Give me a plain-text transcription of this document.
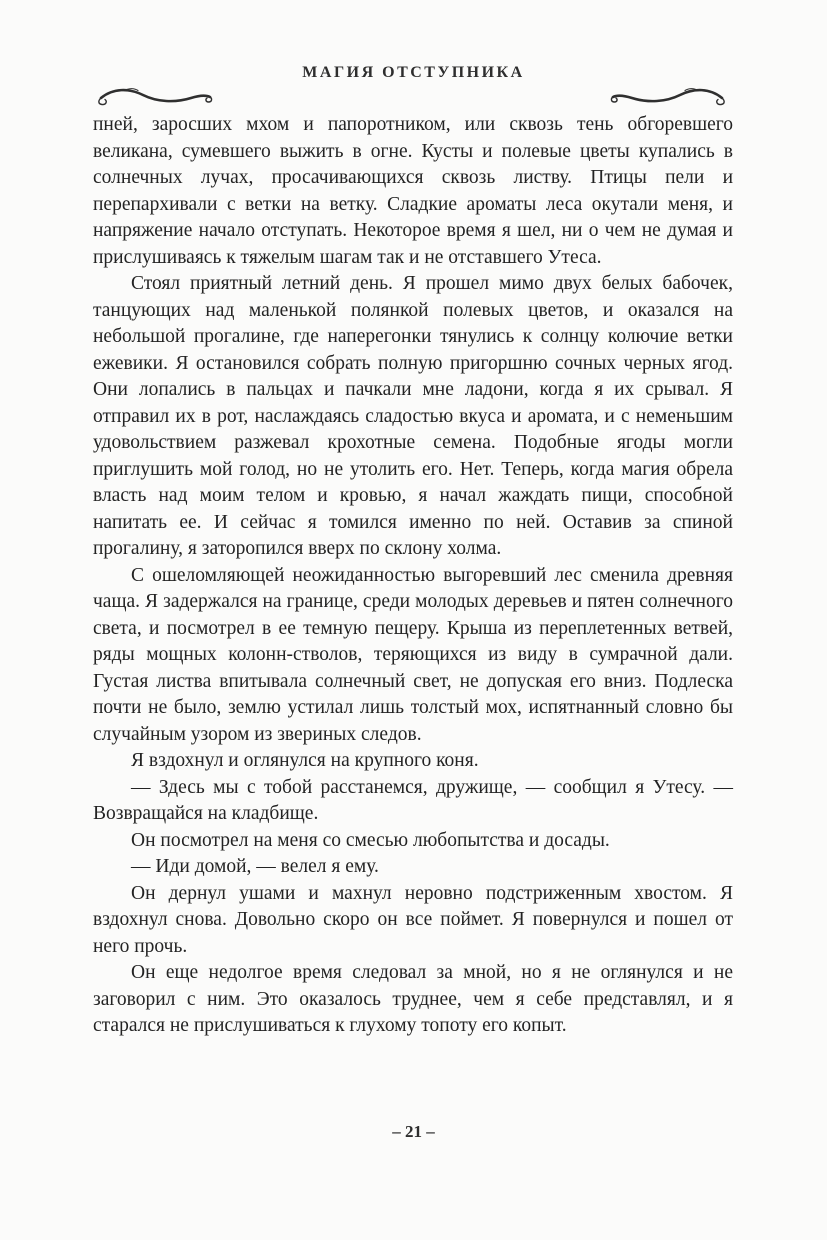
МАГИЯ ОТСТУПНИКА

пней, заросших мхом и папоротником, или сквозь тень обгоревшего великана, сумевшего выжить в огне. Кусты и полевые цветы купались в солнечных лучах, просачивающихся сквозь листву. Птицы пели и перепархивали с ветки на ветку. Сладкие ароматы леса окутали меня, и напряжение начало отступать. Некоторое время я шел, ни о чем не думая и прислушиваясь к тяжелым шагам так и не отставшего Утеса.

Стоял приятный летний день. Я прошел мимо двух белых бабочек, танцующих над маленькой полянкой полевых цветов, и оказался на небольшой прогалине, где наперегонки тянулись к солнцу колючие ветки ежевики. Я остановился собрать полную пригоршню сочных черных ягод. Они лопались в пальцах и пачкали мне ладони, когда я их срывал. Я отправил их в рот, наслаждаясь сладостью вкуса и аромата, и с неменьшим удовольствием разжевал крохотные семена. Подобные ягоды могли приглушить мой голод, но не утолить его. Нет. Теперь, когда магия обрела власть над моим телом и кровью, я начал жаждать пищи, способной напитать ее. И сейчас я томился именно по ней. Оставив за спиной прогалину, я заторопился вверх по склону холма.

С ошеломляющей неожиданностью выгоревший лес сменила древняя чаща. Я задержался на границе, среди молодых деревьев и пятен солнечного света, и посмотрел в ее темную пещеру. Крыша из переплетенных ветвей, ряды мощных колонн-стволов, теряющихся из виду в сумрачной дали. Густая листва впитывала солнечный свет, не допуская его вниз. Подлеска почти не было, землю устилал лишь толстый мох, испятнанный словно бы случайным узором из звериных следов.

Я вздохнул и оглянулся на крупного коня.

— Здесь мы с тобой расстанемся, дружище, — сообщил я Утесу. — Возвращайся на кладбище.

Он посмотрел на меня со смесью любопытства и досады.

— Иди домой, — велел я ему.

Он дернул ушами и махнул неровно подстриженным хвостом. Я вздохнул снова. Довольно скоро он все поймет. Я повернулся и пошел от него прочь.

Он еще недолгое время следовал за мной, но я не оглянулся и не заговорил с ним. Это оказалось труднее, чем я себе представлял, и я старался не прислушиваться к глухому топоту его копыт.

– 21 –
